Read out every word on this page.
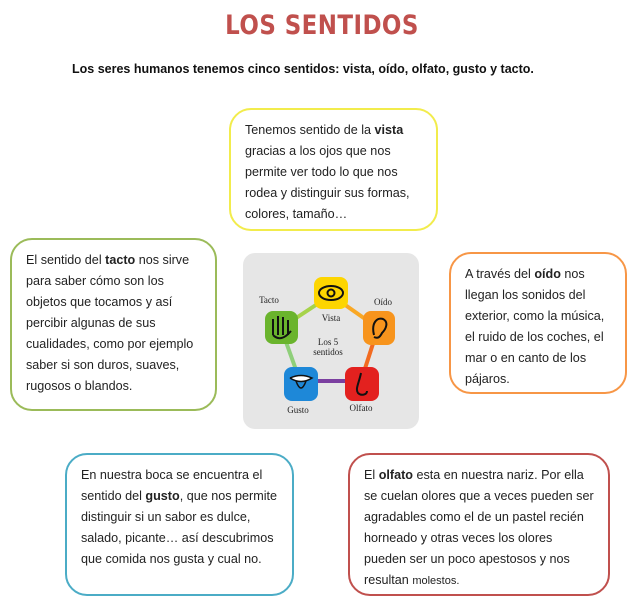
LOS SENTIDOS
Los seres humanos tenemos cinco sentidos: vista, oído, olfato, gusto y tacto.
Tenemos sentido de la vista gracias a los ojos que nos permite ver todo lo que nos rodea y distinguir sus formas, colores, tamaño…
El sentido del tacto nos sirve para saber cómo son los objetos que tocamos y así percibir algunas de sus cualidades, como por ejemplo saber si son duros, suaves, rugosos o blandos.
A través del oído nos llegan los sonidos del exterior, como la música, el ruido de los coches, el mar o en canto de los pájaros.
En nuestra boca se encuentra el sentido del gusto, que nos permite distinguir si un sabor es dulce, salado, picante… así descubrimos que comida nos gusta y cual no.
El olfato esta en nuestra nariz. Por ella se cuelan olores que a veces pueden ser agradables como el de un pastel recién horneado y otras veces los olores pueden ser un poco apestosos y nos resultan molestos.
Vista
Oído
Olfato
Gusto
Tacto
Los 5
sentidos
